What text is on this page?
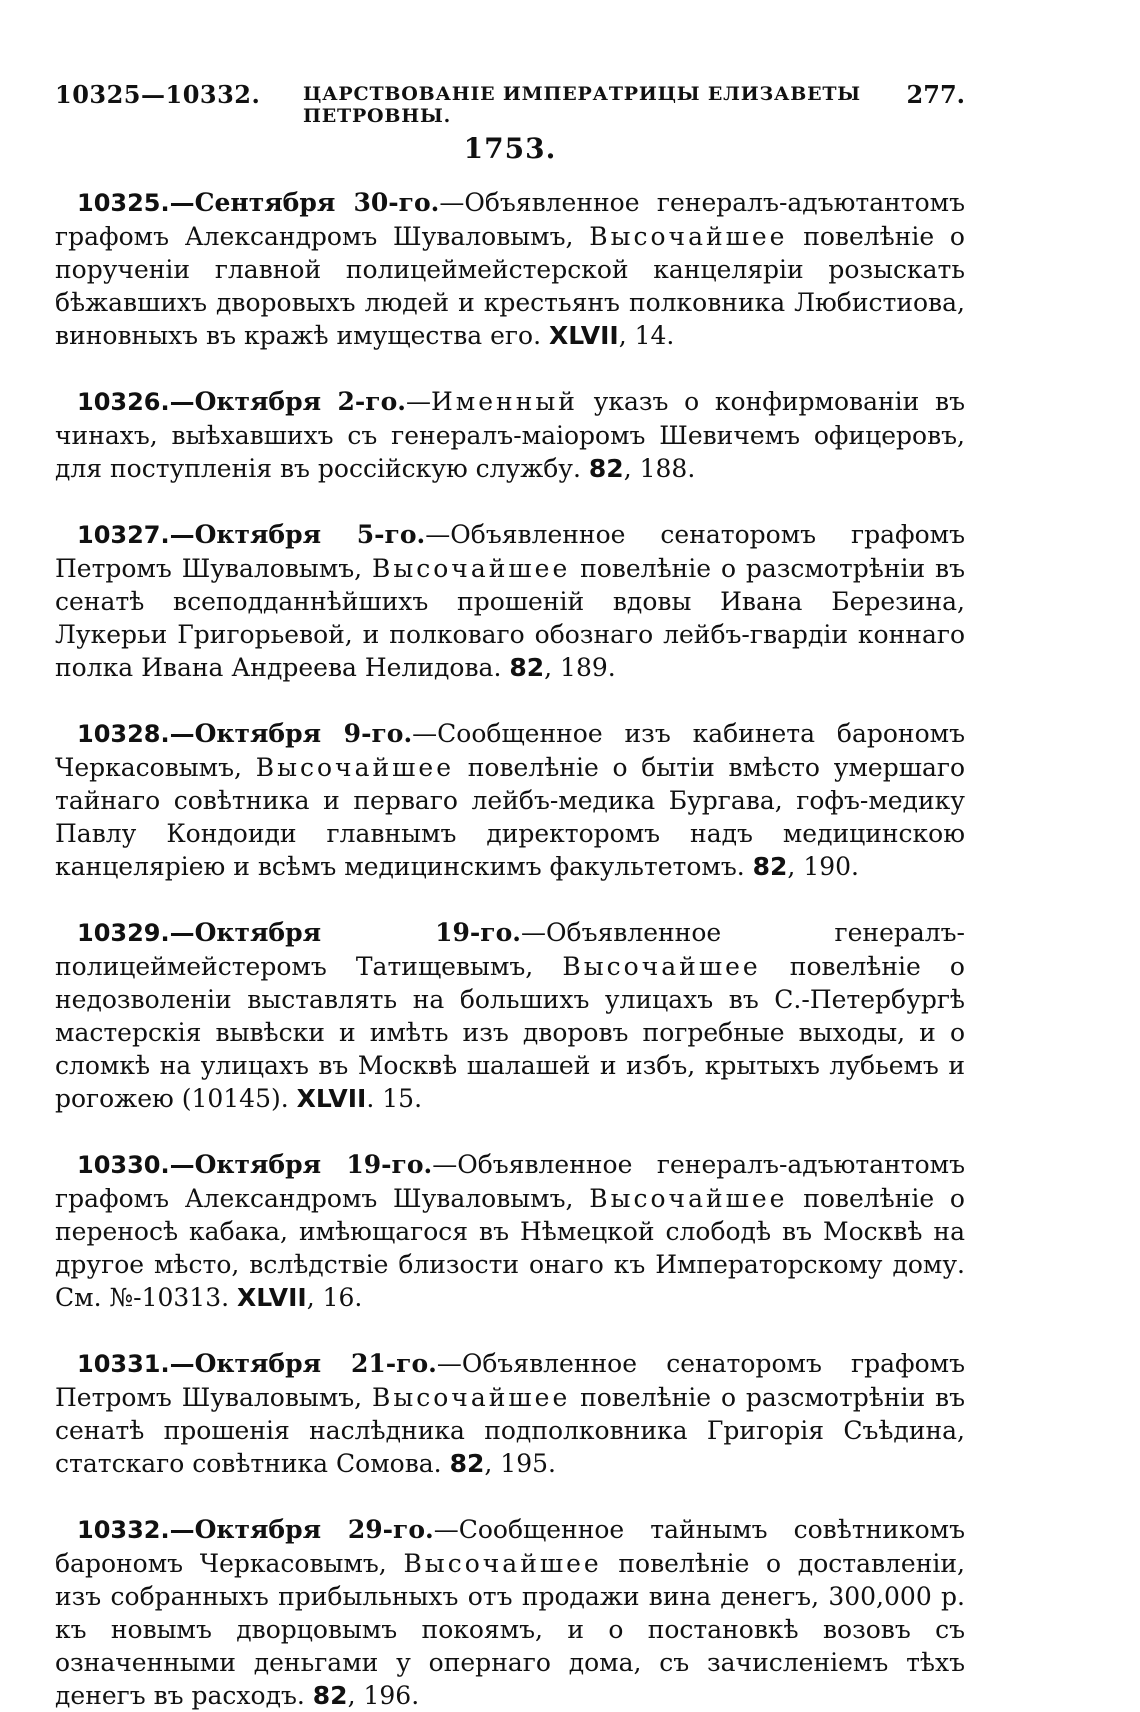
10325—10332. ЦАРСТВОВАНІЕ ИМПЕРАТРИЦЫ ЕЛИЗАВЕТЫ ПЕТРОВНЫ.
277.
1753.

10325.—Сентября 30-го.—Объявленное генералъ-адъютантомъ графомъ Александромъ Шуваловымъ, Высочайшее повелѣніе о порученіи главной полицеймейстерской канцеляріи розыскать бѣжавшихъ дворовыхъ людей и крестьянъ полковника Любистиова, виновныхъ въ кражѣ имущества его. XLVII, 14.

10326.—Октября 2-го.—Именный указъ о конфирмованіи въ чинахъ, выѣхавшихъ съ генералъ-маіоромъ Шевичемъ офицеровъ, для поступленія въ россійскую службу. 82, 188.

10327.—Октября 5-го.—Объявленное сенаторомъ графомъ Петромъ Шуваловымъ, Высочайшее повелѣніе о разсмотрѣніи въ сенатѣ всеподданнѣйшихъ прошеній вдовы Ивана Березина, Лукерьи Григорьевой, и полковаго обознаго лейбъ-гвардіи коннаго полка Ивана Андреева Нелидова. 82, 189.

10328.—Октября 9-го.—Сообщенное изъ кабинета барономъ Черкасовымъ, Высочайшее повелѣніе о бытіи вмѣсто умершаго тайнаго совѣтника и перваго лейбъ-медика Бургава, гофъ-медику Павлу Кондоиди главнымъ директоромъ надъ медицинскою канцеляріею и всѣмъ медицинскимъ факультетомъ. 82, 190.

10329.—Октября 19-го.—Объявленное генералъ-полицеймейстеромъ Татищевымъ, Высочайшее повелѣніе о недозволеніи выставлять на большихъ улицахъ въ С.-Петербургѣ мастерскія вывѣски и имѣть изъ дворовъ погребные выходы, и о сломкѣ на улицахъ въ Москвѣ шалашей и избъ, крытыхъ лубьемъ и рогожею (10145). XLVII. 15.

10330.—Октября 19-го.—Объявленное генералъ-адъютантомъ графомъ Александромъ Шуваловымъ, Высочайшее повелѣніе о переносѣ кабака, имѣющагося въ Нѣмецкой слободѣ въ Москвѣ на другое мѣсто, вслѣдствіе близости онаго къ Императорскому дому. См. №-10313. XLVII, 16.

10331.—Октября 21-го.—Объявленное сенаторомъ графомъ Петромъ Шуваловымъ, Высочайшее повелѣніе о разсмотрѣніи въ сенатѣ прошенія наслѣдника подполковника Григорія Съѣдина, статскаго совѣтника Сомова. 82, 195.

10332.—Октября 29-го.—Сообщенное тайнымъ совѣтникомъ барономъ Черкасовымъ, Высочайшее повелѣніе о доставленіи, изъ собранныхъ прибыльныхъ отъ продажи вина денегъ, 300,000 р. къ новымъ дворцовымъ покоямъ, и о постановкѣ возовъ съ означенными деньгами у опернаго дома, съ зачисленіемъ тѣхъ денегъ въ расходъ. 82, 196.
